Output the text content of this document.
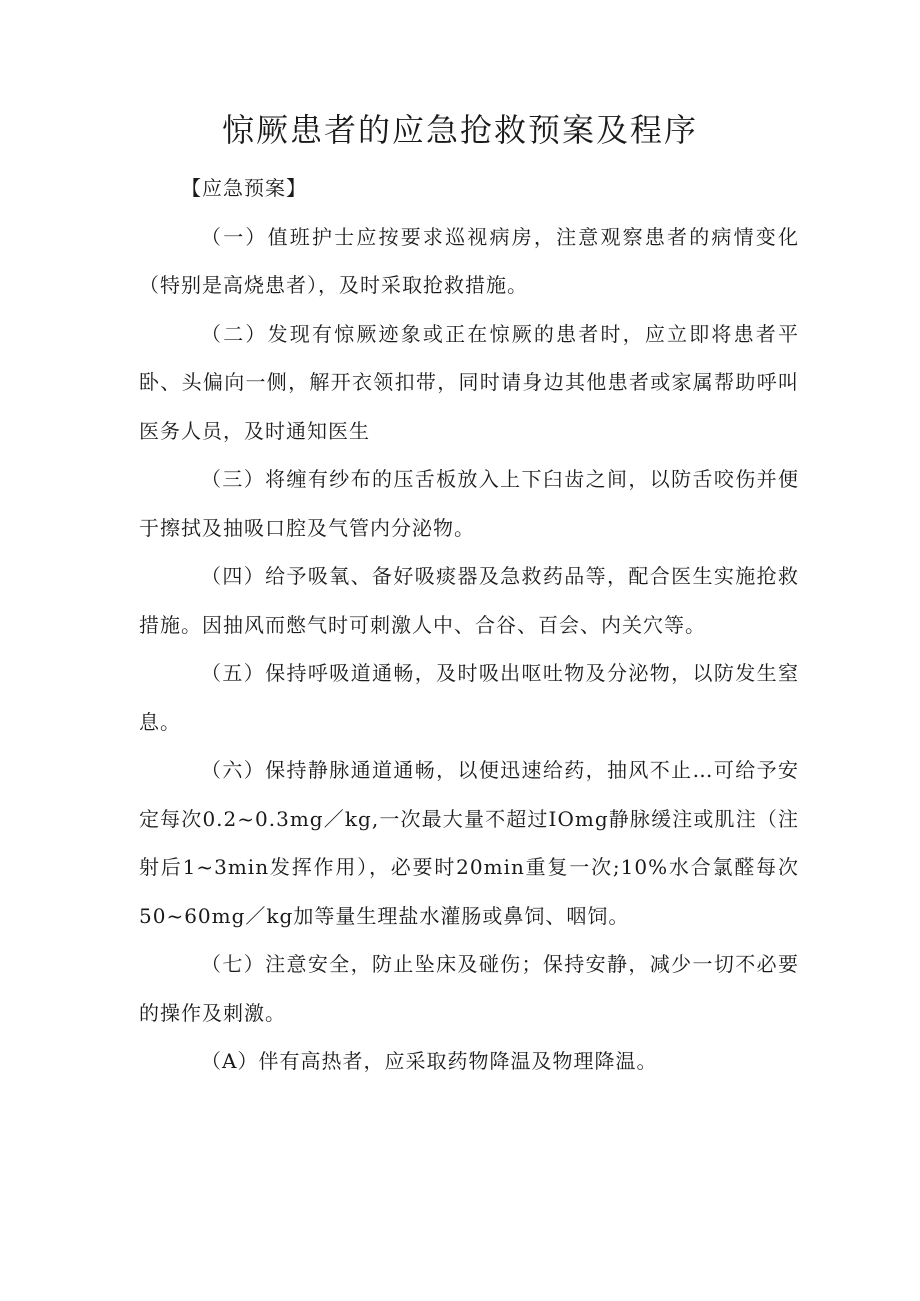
惊厥患者的应急抢救预案及程序

【应急预案】

（一）值班护士应按要求巡视病房，注意观察患者的病情变化（特别是高烧患者），及时采取抢救措施。

（二）发现有惊厥迹象或正在惊厥的患者时，应立即将患者平卧、头偏向一侧，解开衣领扣带，同时请身边其他患者或家属帮助呼叫医务人员，及时通知医生

（三）将缠有纱布的压舌板放入上下臼齿之间，以防舌咬伤并便于擦拭及抽吸口腔及气管内分泌物。

（四）给予吸氧、备好吸痰器及急救药品等，配合医生实施抢救措施。因抽风而憋气时可刺激人中、合谷、百会、内关穴等。

（五）保持呼吸道通畅，及时吸出呕吐物及分泌物，以防发生窒息。

（六）保持静脉通道通畅，以便迅速给药，抽风不止…可给予安定每次0.2~0.3mg／kg,一次最大量不超过IOmg静脉缓注或肌注（注射后1~3min发挥作用），必要时20min重复一次;10%水合氯醛每次50~60mg／kg加等量生理盐水灌肠或鼻饲、咽饲。

（七）注意安全，防止坠床及碰伤；保持安静，减少一切不必要的操作及刺激。

（A）伴有高热者，应采取药物降温及物理降温。
